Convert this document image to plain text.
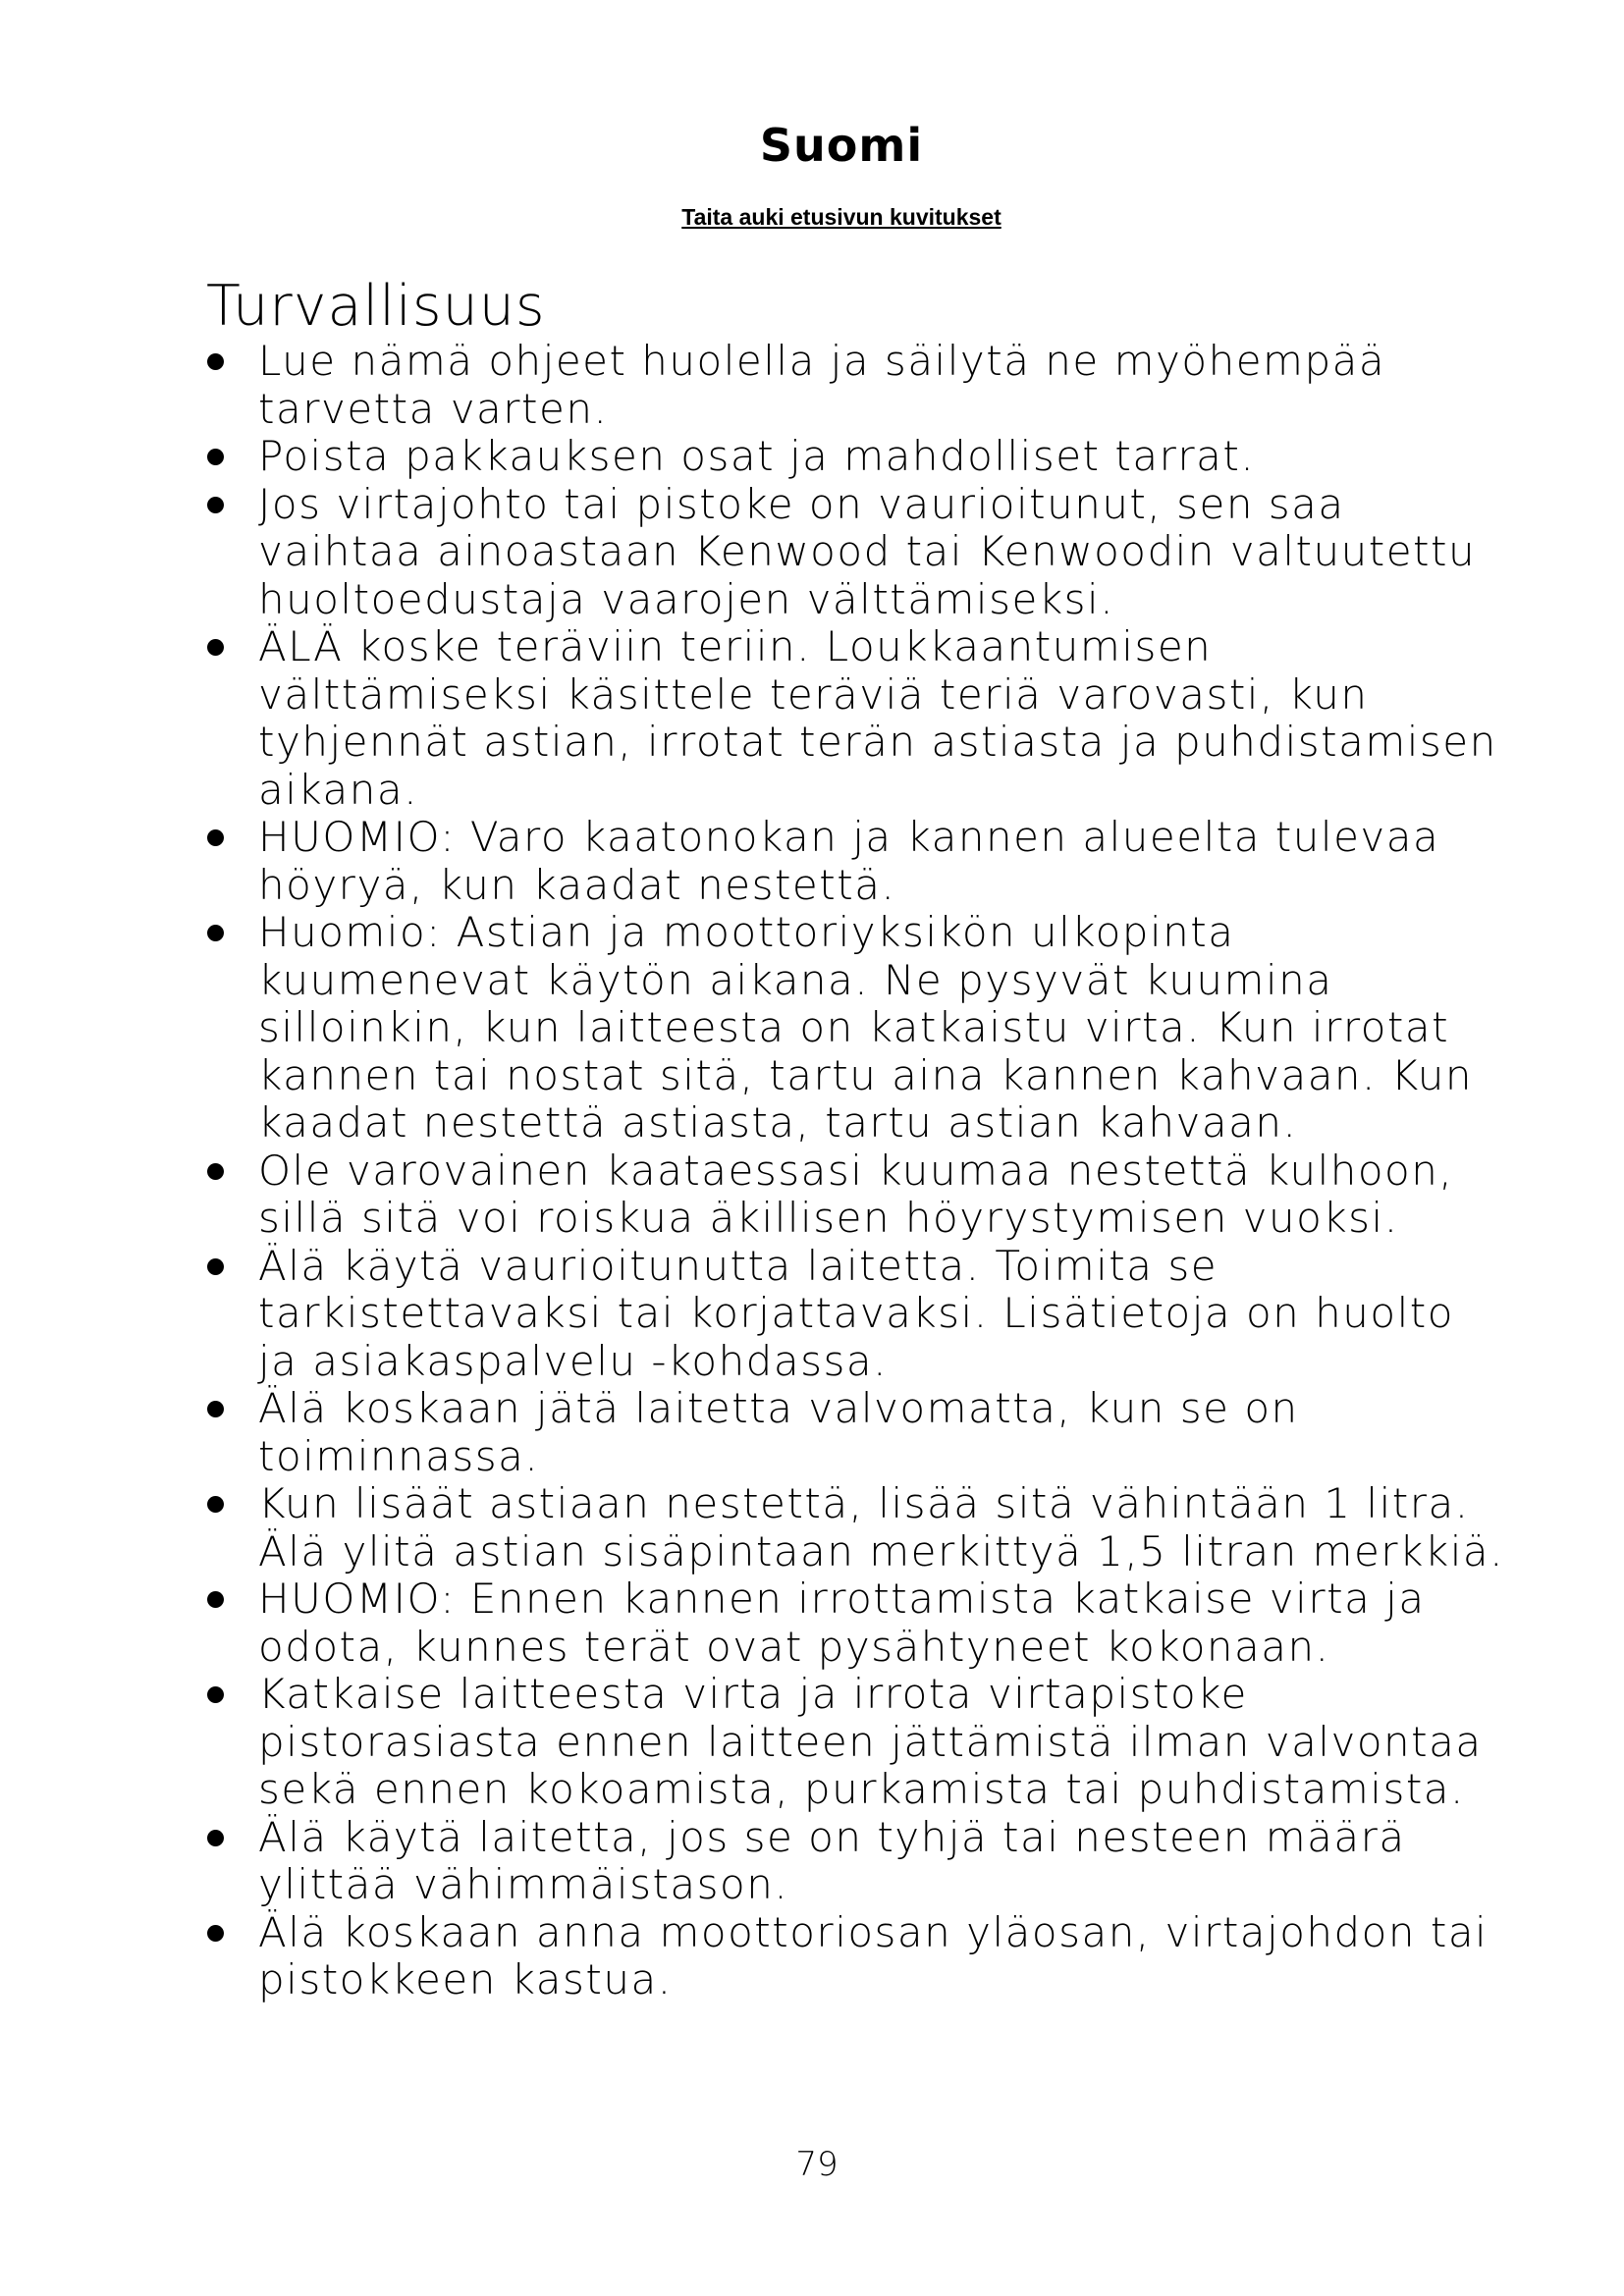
Suomi
Taita auki etusivun kuvitukset
Turvallisuus
Lue nämä ohjeet huolella ja säilytä ne myöhempää tarvetta varten.
Poista pakkauksen osat ja mahdolliset tarrat.
Jos virtajohto tai pistoke on vaurioitunut, sen saa vaihtaa ainoastaan Kenwood tai Kenwoodin valtuutettu huoltoedustaja vaarojen välttämiseksi.
ÄLÄ koske teräviin teriin. Loukkaantumisen välttämiseksi käsittele teräviä teriä varovasti, kun tyhjennät astian, irrotat terän astiasta ja puhdistamisen aikana.
HUOMIO: Varo kaatonokan ja kannen alueelta tulevaa höyryä, kun kaadat nestettä.
Huomio: Astian ja moottoriyksikön ulkopinta kuumenevat käytön aikana. Ne pysyvät kuumina silloinkin, kun laitteesta on katkaistu virta. Kun irrotat kannen tai nostat sitä, tartu aina kannen kahvaan. Kun kaadat nestettä astiasta, tartu astian kahvaan.
Ole varovainen kaataessasi kuumaa nestettä kulhoon, sillä sitä voi roiskua äkillisen höyrystymisen vuoksi.
Älä käytä vaurioitunutta laitetta. Toimita se tarkistettavaksi tai korjattavaksi. Lisätietoja on huolto ja asiakaspalvelu -kohdassa.
Älä koskaan jätä laitetta valvomatta, kun se on toiminnassa.
Kun lisäät astiaan nestettä, lisää sitä vähintään 1 litra. Älä ylitä astian sisäpintaan merkittyä 1,5 litran merkkiä.
HUOMIO: Ennen kannen irrottamista katkaise virta ja odota, kunnes terät ovat pysähtyneet kokonaan.
Katkaise laitteesta virta ja irrota virtapistoke pistorasiasta ennen laitteen jättämistä ilman valvontaa sekä ennen kokoamista, purkamista tai puhdistamista.
Älä käytä laitetta, jos se on tyhjä tai nesteen määrä ylittää vähimmäistason.
Älä koskaan anna moottoriosan yläosan, virtajohdon tai pistokkeen kastua.
79
